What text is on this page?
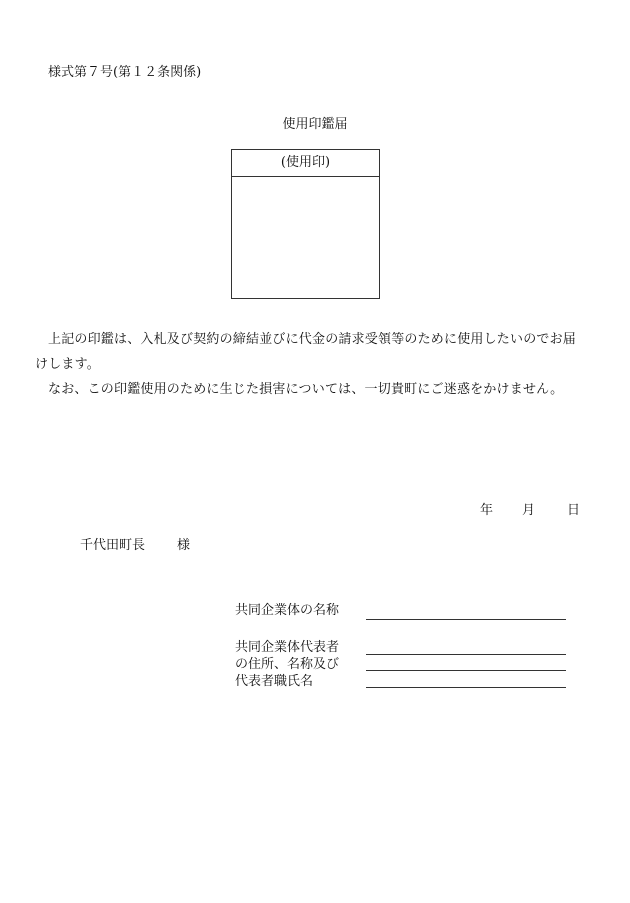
様式第７号(第１２条関係)

使用印鑑届

(使用印)

上記の印鑑は、入札及び契約の締結並びに代金の請求受領等のために使用したいのでお届けします。

なお、この印鑑使用のために生じた損害については、一切貴町にご迷惑をかけません。

年 月 日
千代田町長 様
共同企業体の名称
共同企業体代表者
の住所、名称及び
代表者職氏名
